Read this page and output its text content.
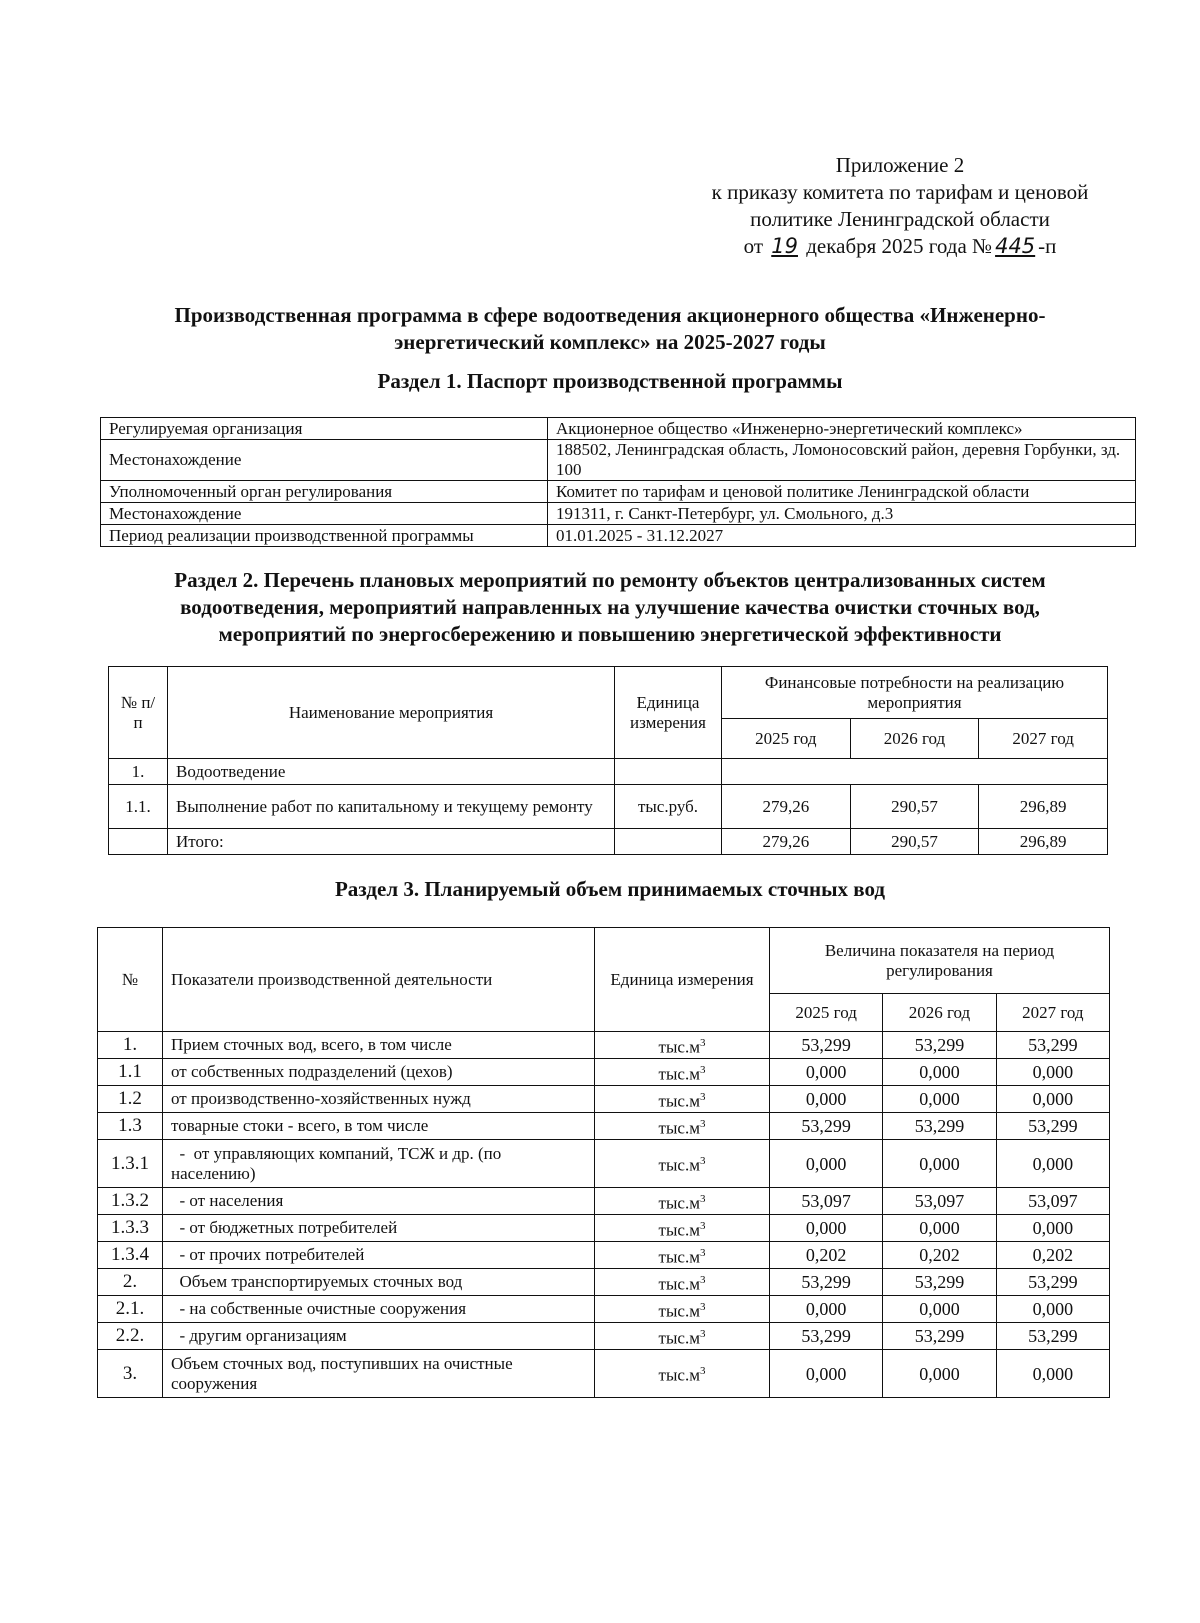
Приложение 2
к приказу комитета по тарифам и ценовой
политике Ленинградской области
от 19 декабря 2025 года № 445 -п
Производственная программа в сфере водоотведения акционерного общества «Инженерно-
энергетический комплекс» на 2025-2027 годы
Раздел 1. Паспорт производственной программы
Регулируемая организация	Акционерное общество «Инженерно-энергетический комплекс»
Местонахождение	188502, Ленинградская область, Ломоносовский район, деревня Горбунки, зд. 100
Уполномоченный орган регулирования	Комитет по тарифам и ценовой политике Ленинградской области
Местонахождение	191311, г. Санкт-Петербург, ул. Смольного, д.3
Период реализации производственной программы	01.01.2025 - 31.12.2027
Раздел 2. Перечень плановых мероприятий по ремонту объектов централизованных систем
водоотведения, мероприятий направленных на улучшение качества очистки сточных вод,
мероприятий по энергосбережению и повышению энергетической эффективности
№ п/п	Наименование мероприятия	Единица измерения	Финансовые потребности на реализацию мероприятия		
			2025 год	2026 год	2027 год
1.	Водоотведение				
1.1.	Выполнение работ по капитальному и текущему ремонту	тыс.руб.	279,26	290,57	296,89
	Итого:		279,26	290,57	296,89
Раздел 3. Планируемый объем принимаемых сточных вод
№	Показатели производственной деятельности	Единица измерения	Величина показателя на период регулирования		
			2025 год	2026 год	2027 год
1.	Прием сточных вод, всего, в том числе	$тыс.м^3$	53,299	53,299	53,299
1.1	от собственных подразделений (цехов)	$тыс.м^3$	0,000	0,000	0,000
1.2	от производственно-хозяйственных нужд	$тыс.м^3$	0,000	0,000	0,000
1.3	товарные стоки - всего, в том числе	$тыс.м^3$	53,299	53,299	53,299
1.3.1	-  от управляющих компаний, ТСЖ и др. (по населению)	$тыс.м^3$	0,000	0,000	0,000
1.3.2	- от населения	$тыс.м^3$	53,097	53,097	53,097
1.3.3	- от бюджетных потребителей	$тыс.м^3$	0,000	0,000	0,000
1.3.4	- от прочих потребителей	$тыс.м^3$	0,202	0,202	0,202
2.	Объем транспортируемых сточных вод	$тыс.м^3$	53,299	53,299	53,299
2.1.	- на собственные очистные сооружения	$тыс.м^3$	0,000	0,000	0,000
2.2.	- другим организациям	$тыс.м^3$	53,299	53,299	53,299
3.	Объем сточных вод, поступивших на очистные сооружения	$тыс.м^3$	0,000	0,000	0,000
